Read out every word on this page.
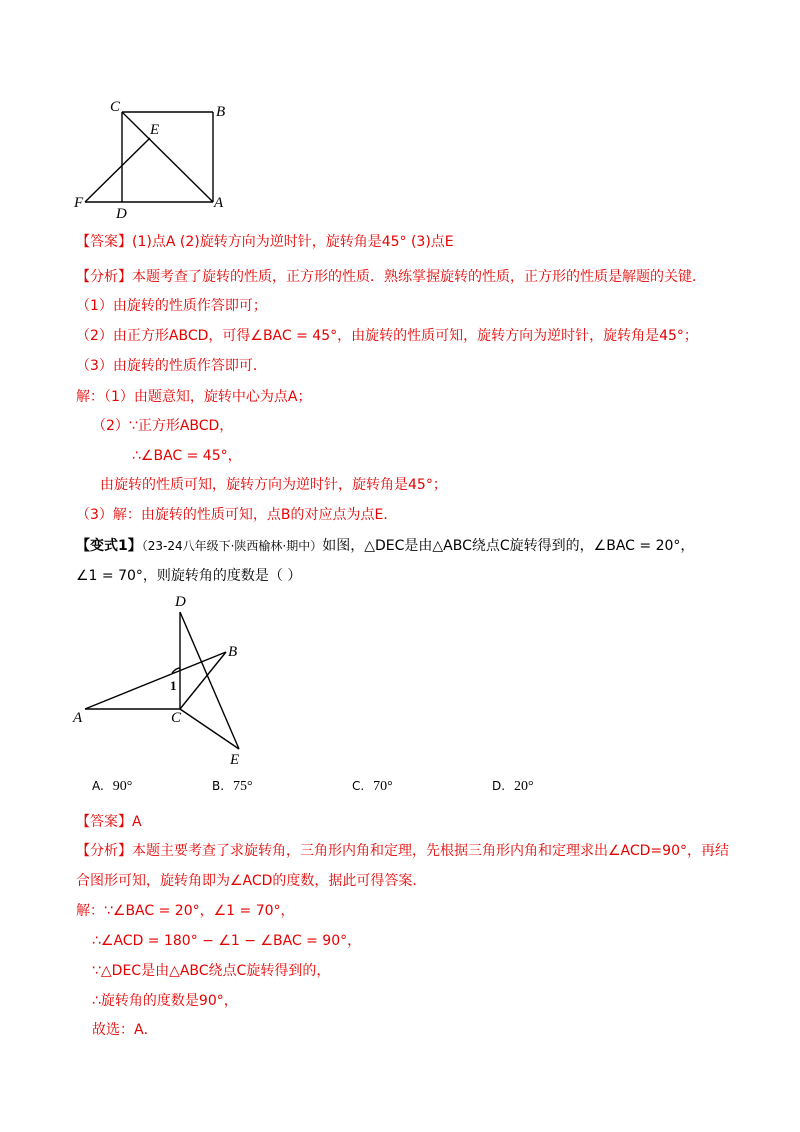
C	B
E
F
D
A
【答案】(1)点A (2)旋转方向为逆时针，旋转角是45° (3)点E
【分析】本题考查了旋转的性质，正方形的性质．熟练掌握旋转的性质，正方形的性质是解题的关键．
（1）由旋转的性质作答即可；
（2）由正方形ABCD，可得∠BAC = 45°，由旋转的性质可知，旋转方向为逆时针，旋转角是45°；
（3）由旋转的性质作答即可．
解：（1）由题意知，旋转中心为点A；
（2）∵正方形ABCD，
∴∠BAC = 45°，
由旋转的性质可知，旋转方向为逆时针，旋转角是45°；
（3）解：由旋转的性质可知，点B的对应点为点E．
【变式1】（23-24八年级下·陕西榆林·期中）如图，△DEC是由△ABC绕点C旋转得到的，∠BAC = 20°，
∠1 = 70°，则旋转角的度数是（ ）
D
B
1
A	C
E
A. 90°	B. 75°	C. 70°	D. 20°
【答案】A
【分析】本题主要考查了求旋转角，三角形内角和定理，先根据三角形内角和定理求出∠ACD=90°，再结
合图形可知，旋转角即为∠ACD的度数，据此可得答案．
解：∵∠BAC = 20°，∠1 = 70°，
∴∠ACD = 180° − ∠1 − ∠BAC = 90°，
∵△DEC是由△ABC绕点C旋转得到的，
∴旋转角的度数是90°，
故选：A．
